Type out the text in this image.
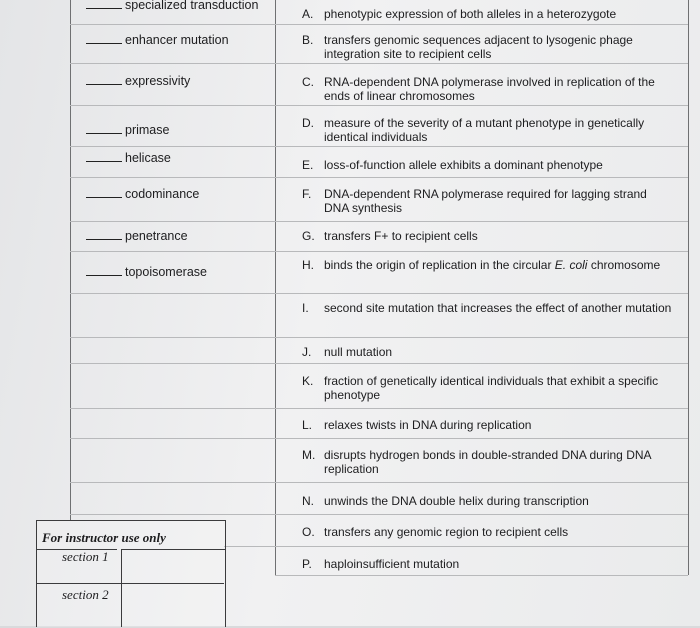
specialized transduction
enhancer mutation
expressivity
primase
helicase
codominance
penetrance
topoisomerase
A. phenotypic expression of both alleles in a heterozygote
B. transfers genomic sequences adjacent to lysogenic phage integration site to recipient cells
C. RNA-dependent DNA polymerase involved in replication of the ends of linear chromosomes
D. measure of the severity of a mutant phenotype in genetically identical individuals
E. loss-of-function allele exhibits a dominant phenotype
F.	DNA-dependent RNA polymerase required for lagging strand DNA synthesis
G. transfers F+ to recipient cells
H. binds the origin of replication in the circular E. coli chromosome
I.	second site mutation that increases the effect of another mutation
J.	null mutation
K. fraction of genetically identical individuals that exhibit a specific phenotype
L. relaxes twists in DNA during replication
M. disrupts hydrogen bonds in double-stranded DNA during DNA replication
N. unwinds the DNA double helix during transcription
O. transfers any genomic region to recipient cells
P.	haploinsufficient mutation
For instructor use only
section 1
section 2
